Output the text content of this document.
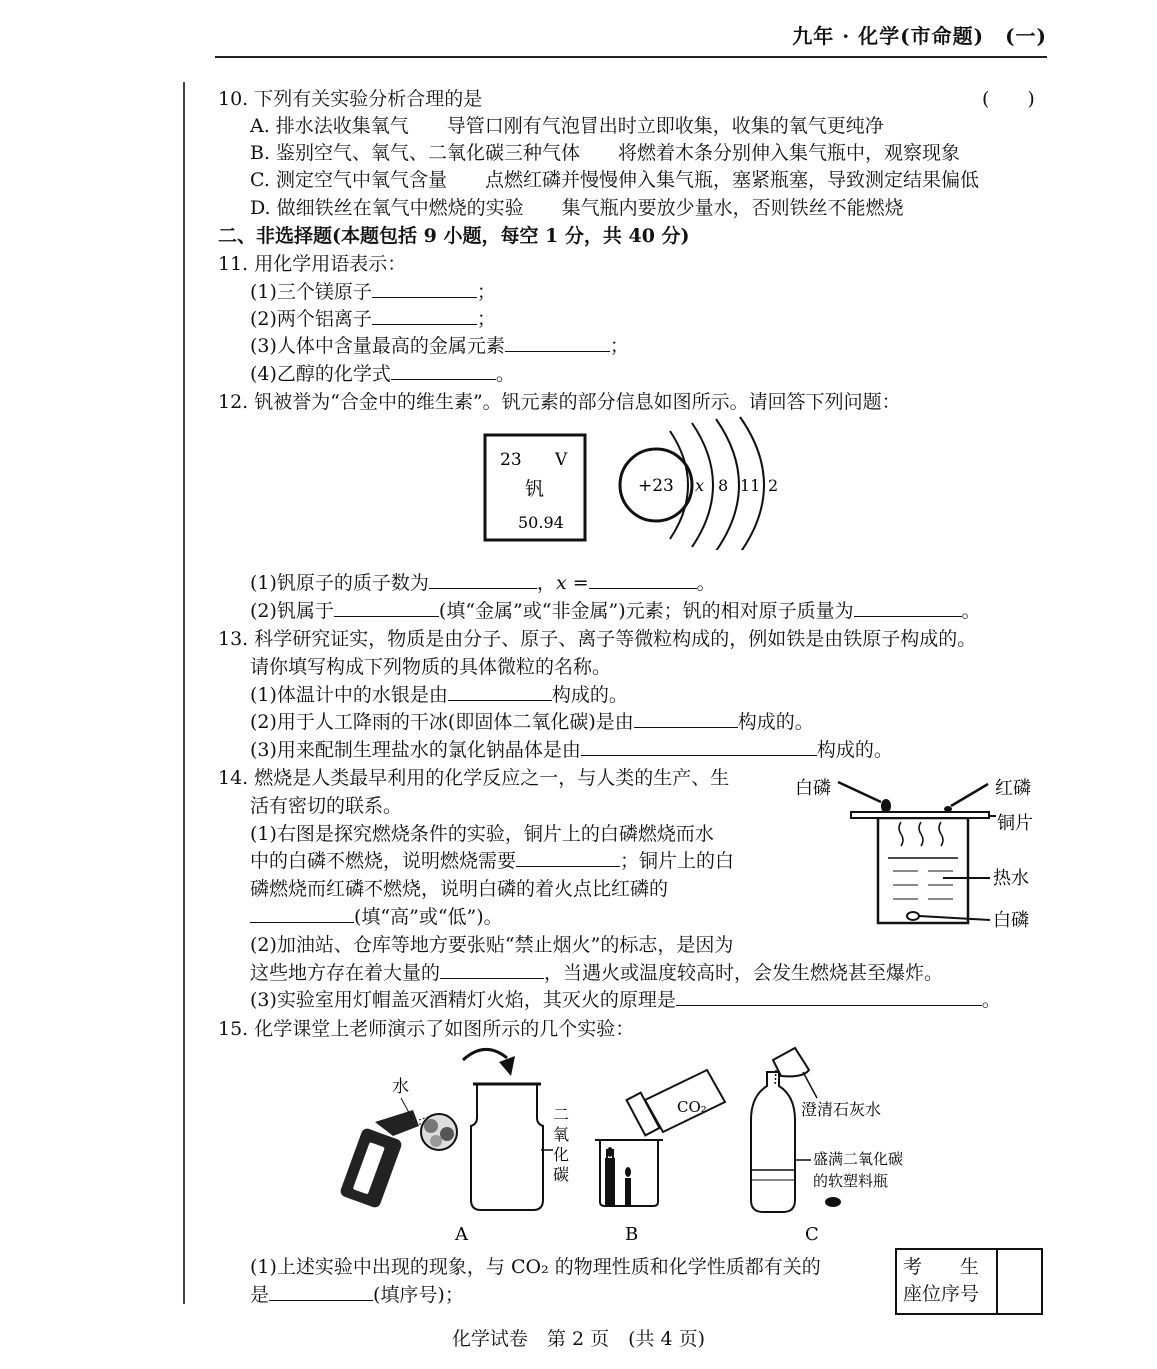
九年 · 化学(市命题)　(一)
10. 下列有关实验分析合理的是	(　　)
A. 排水法收集氧气　　导管口刚有气泡冒出时立即收集，收集的氧气更纯净
B. 鉴别空气、氧气、二氧化碳三种气体　　将燃着木条分别伸入集气瓶中，观察现象
C. 测定空气中氧气含量　　点燃红磷并慢慢伸入集气瓶，塞紧瓶塞，导致测定结果偏低
D. 做细铁丝在氧气中燃烧的实验　　集气瓶内要放少量水，否则铁丝不能燃烧
二、非选择题(本题包括 9 小题，每空 1 分，共 40 分)
11. 用化学用语表示：
(1)三个镁原子	；
(2)两个铝离子	；
(3)人体中含量最高的金属元素	；
(4)乙醇的化学式	。
12. 钒被誉为“合金中的维生素”。钒元素的部分信息如图所示。请回答下列问题：
23 V
钒
50.94
+23 x 8 11 2
(1)钒原子的质子数为	，x =	。
(2)钒属于	(填“金属”或“非金属”)元素；钒的相对原子质量为	。
13. 科学研究证实，物质是由分子、原子、离子等微粒构成的，例如铁是由铁原子构成的。
请你填写构成下列物质的具体微粒的名称。
(1)体温计中的水银是由	构成的。
(2)用于人工降雨的干冰(即固体二氧化碳)是由	构成的。
(3)用来配制生理盐水的氯化钠晶体是由	构成的。
14. 燃烧是人类最早利用的化学反应之一，与人类的生产、生
活有密切的联系。
(1)右图是探究燃烧条件的实验，铜片上的白磷燃烧而水
中的白磷不燃烧，说明燃烧需要	；铜片上的白
磷燃烧而红磷不燃烧，说明白磷的着火点比红磷的
(填“高”或“低”)。
(2)加油站、仓库等地方要张贴“禁止烟火”的标志，是因为
这些地方存在着大量的	，当遇火或温度较高时，会发生燃烧甚至爆炸。
(3)实验室用灯帽盖灭酒精灯火焰，其灭火的原理是	。
白磷	红磷
铜片
热水
白磷
15. 化学课堂上老师演示了如图所示的几个实验：
水
二
氧
化
碳
CO₂	澄清石灰水
盛满二氧化碳
的软塑料瓶
A	B	C
(1)上述实验中出现的现象，与 CO₂ 的物理性质和化学性质都有关的
是	(填序号)；
考　　生
座位序号
化学试卷　第 2 页　(共 4 页)
